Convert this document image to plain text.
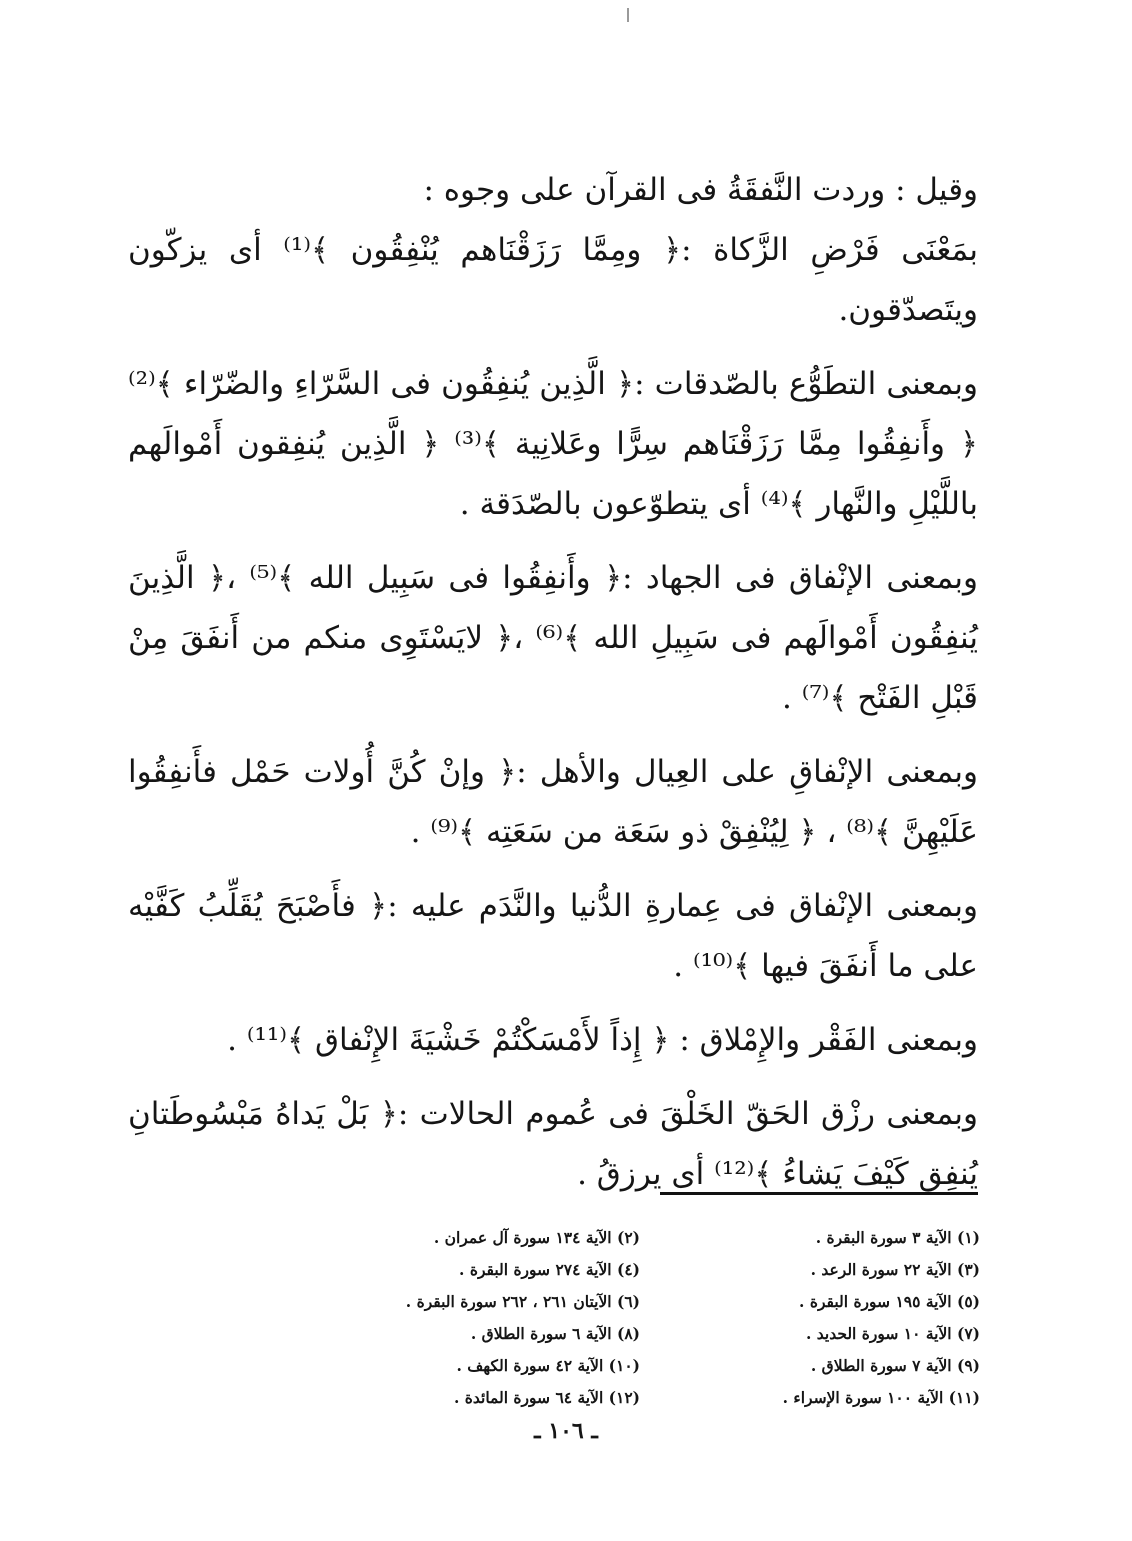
وقيل : وردت النَّفقَةُ فى القرآن على وجوه :

بمَعْنَى فَرْضِ الزَّكاة :﴿ ومِمَّا رَزَقْنَاهم يُنْفِقُون ﴾⁽¹⁾ أى يزكّون ويتَصدّقون.

وبمعنى التطَوُّع بالصّدقات :﴿ الَّذِين يُنفِقُون فى السَّرّاءِ والضّرّاء ﴾⁽²⁾ ﴿ وأَنفِقُوا مِمَّا رَزَقْنَاهم سِرًّا وعَلانِية ﴾⁽³⁾ ﴿ الَّذِين يُنفِقون أَمْوالَهم باللَّيْلِ والنَّهار ﴾⁽⁴⁾ أى يتطوّعون بالصّدَقة .

وبمعنى الإنْفاق فى الجهاد :﴿ وأَنفِقُوا فى سَبِيل الله ﴾⁽⁵⁾ ،﴿ الَّذِينَ يُنفِقُون أَمْوالَهم فى سَبِيلِ الله ﴾⁽⁶⁾ ،﴿ لايَسْتَوِى منكم من أَنفَقَ مِنْ قَبْلِ الفَتْح ﴾⁽⁷⁾ .

وبمعنى الإنْفاقِ على العِيال والأهل :﴿ وإنْ كُنَّ أُولات حَمْل فأَنفِقُوا عَلَيْهِنَّ ﴾⁽⁸⁾ ، ﴿ لِيُنْفِقْ ذو سَعَة من سَعَتِه ﴾⁽⁹⁾ .

وبمعنى الإنْفاق فى عِمارةِ الدُّنيا والنَّدَم عليه :﴿ فأَصْبَحَ يُقَلِّبُ كَفَّيْه على ما أَنفَقَ فيها ﴾⁽¹⁰⁾ .

وبمعنى الفَقْر والإِمْلاق : ﴿ إِذاً لأَمْسَكْتُمْ خَشْيَةَ الإِنْفاق ﴾⁽¹¹⁾ .

وبمعنى رزْق الحَقّ الخَلْقَ فى عُموم الحالات :﴿ بَلْ يَداهُ مَبْسُوطَتانِ يُنفِق كَيْفَ يَشاءُ ﴾⁽¹²⁾ أى يرزقُ .

(١) الآية ٣ سورة البقرة .
(٢) الآية ١٣٤ سورة آل عمران .
(٣) الآية ٢٢ سورة الرعد .
(٤) الآية ٢٧٤ سورة البقرة .
(٥) الآية ١٩٥ سورة البقرة .
(٦) الآيتان ٢٦١ ، ٢٦٢ سورة البقرة .
(٧) الآية ١٠ سورة الحديد .
(٨) الآية ٦ سورة الطلاق .
(٩) الآية ٧ سورة الطلاق .
(١٠) الآية ٤٢ سورة الكهف .
(١١) الآية ١٠٠ سورة الإسراء .
(١٢) الآية ٦٤ سورة المائدة .
ـ ١٠٦ ـ
